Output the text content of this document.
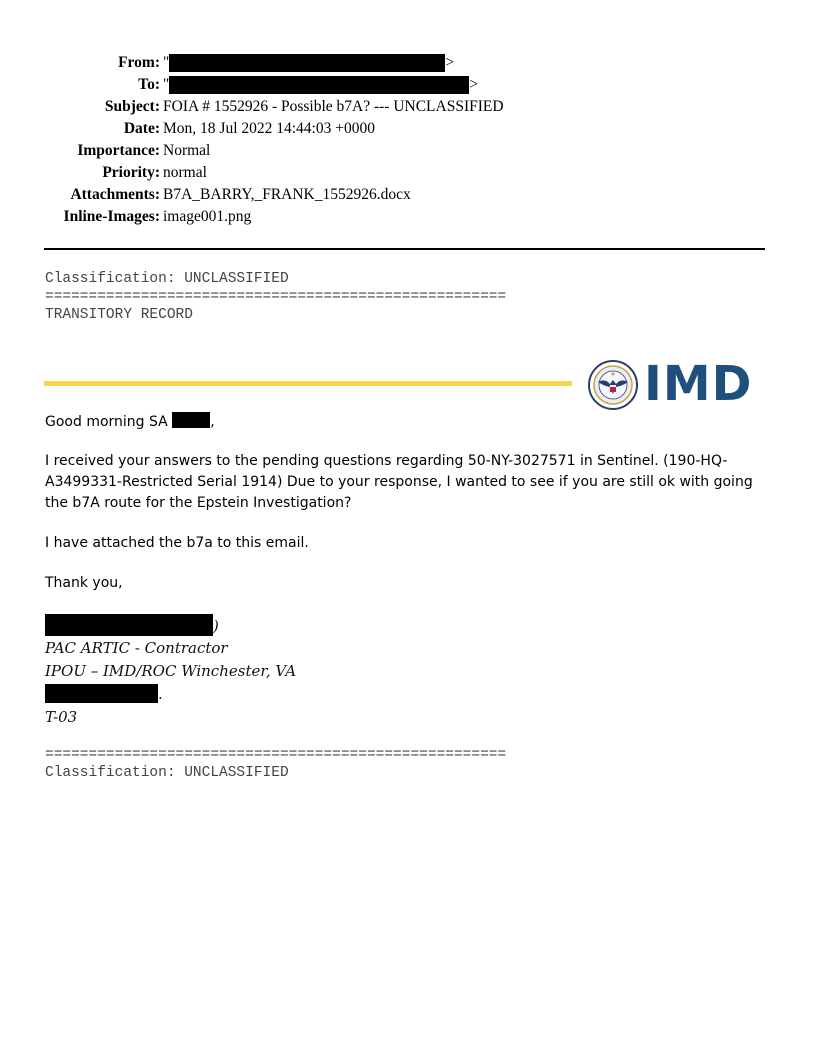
From: "	>
To: "	>
Subject: FOIA # 1552926 - Possible b7A? --- UNCLASSIFIED
Date: Mon, 18 Jul 2022 14:44:03 +0000
Importance: Normal
Priority: normal
Attachments: B7A_BARRY,_FRANK_1552926.docx
Inline-Images: image001.png
Classification: UNCLASSIFIED
=====================================================
TRANSITORY RECORD
IMD
Good morning SA	,
I received your answers to the pending questions regarding 50-NY-3027571 in Sentinel. (190-HQ-A3499331-Restricted Serial 1914) Due to your response, I wanted to see if you are still ok with going the b7A route for the Epstein Investigation?
I have attached the b7a to this email.
Thank you,
)
PAC ARTIC - Contractor
IPOU – IMD/ROC Winchester, VA
.
T-03
=====================================================
Classification: UNCLASSIFIED
